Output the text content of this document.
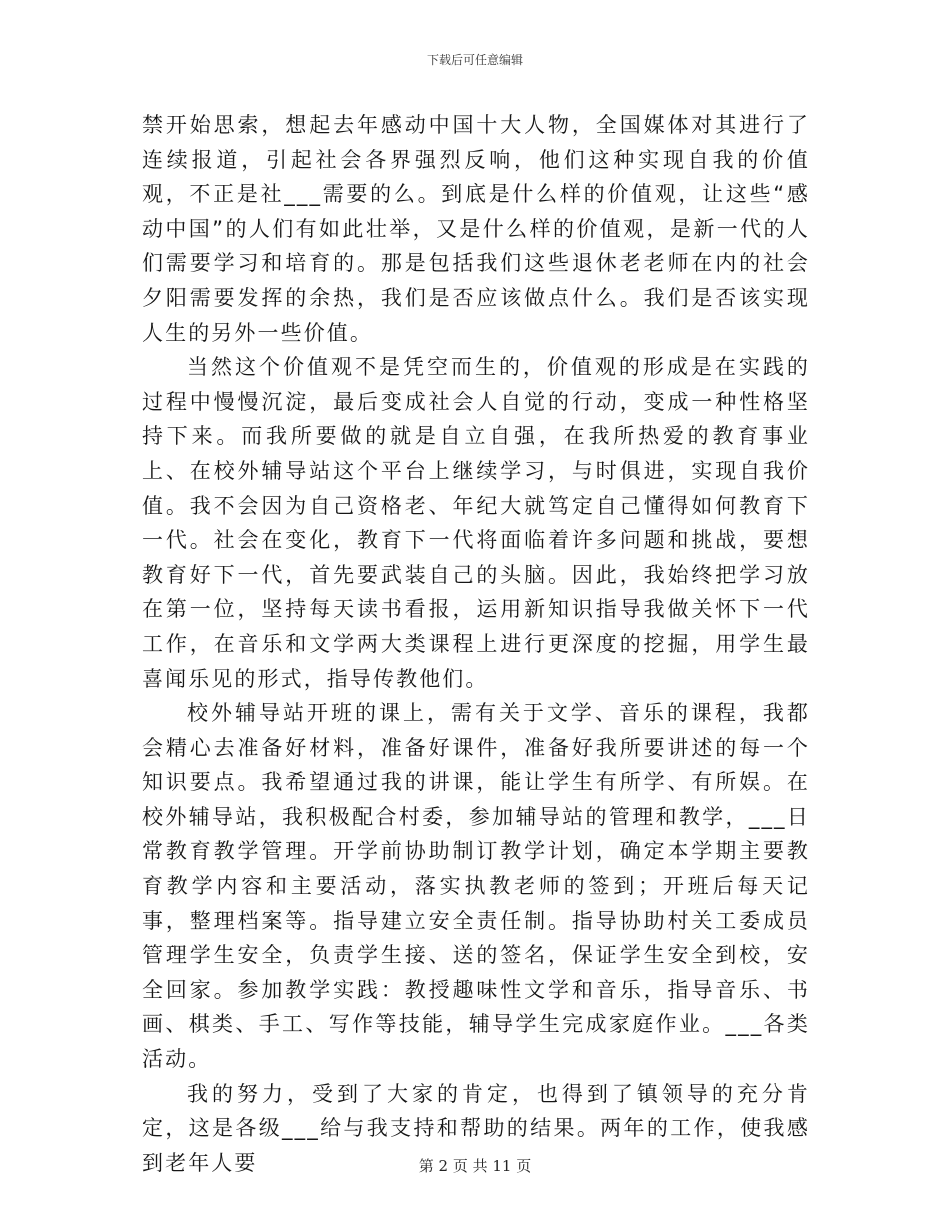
下载后可任意编辑

禁开始思索，想起去年感动中国十大人物，全国媒体对其进行了连续报道，引起社会各界强烈反响，他们这种实现自我的价值观，不正是社___需要的么。到底是什么样的价值观，让这些“感动中国”的人们有如此壮举，又是什么样的价值观，是新一代的人们需要学习和培育的。那是包括我们这些退休老老师在内的社会夕阳需要发挥的余热，我们是否应该做点什么。我们是否该实现人生的另外一些价值。

当然这个价值观不是凭空而生的，价值观的形成是在实践的过程中慢慢沉淀，最后变成社会人自觉的行动，变成一种性格坚持下来。而我所要做的就是自立自强，在我所热爱的教育事业上、在校外辅导站这个平台上继续学习，与时俱进，实现自我价值。我不会因为自己资格老、年纪大就笃定自己懂得如何教育下一代。社会在变化，教育下一代将面临着许多问题和挑战，要想教育好下一代，首先要武装自己的头脑。因此，我始终把学习放在第一位，坚持每天读书看报，运用新知识指导我做关怀下一代工作，在音乐和文学两大类课程上进行更深度的挖掘，用学生最喜闻乐见的形式，指导传教他们。

校外辅导站开班的课上，需有关于文学、音乐的课程，我都会精心去准备好材料，准备好课件，准备好我所要讲述的每一个知识要点。我希望通过我的讲课，能让学生有所学、有所娱。在校外辅导站，我积极配合村委，参加辅导站的管理和教学，___日常教育教学管理。开学前协助制订教学计划，确定本学期主要教育教学内容和主要活动，落实执教老师的签到；开班后每天记事，整理档案等。指导建立安全责任制。指导协助村关工委成员管理学生安全，负责学生接、送的签名，保证学生安全到校，安全回家。参加教学实践：教授趣味性文学和音乐，指导音乐、书画、棋类、手工、写作等技能，辅导学生完成家庭作业。___各类活动。

我的努力，受到了大家的肯定，也得到了镇领导的充分肯定，这是各级___给与我支持和帮助的结果。两年的工作，使我感到老年人要	第 2 页 共 11 页
